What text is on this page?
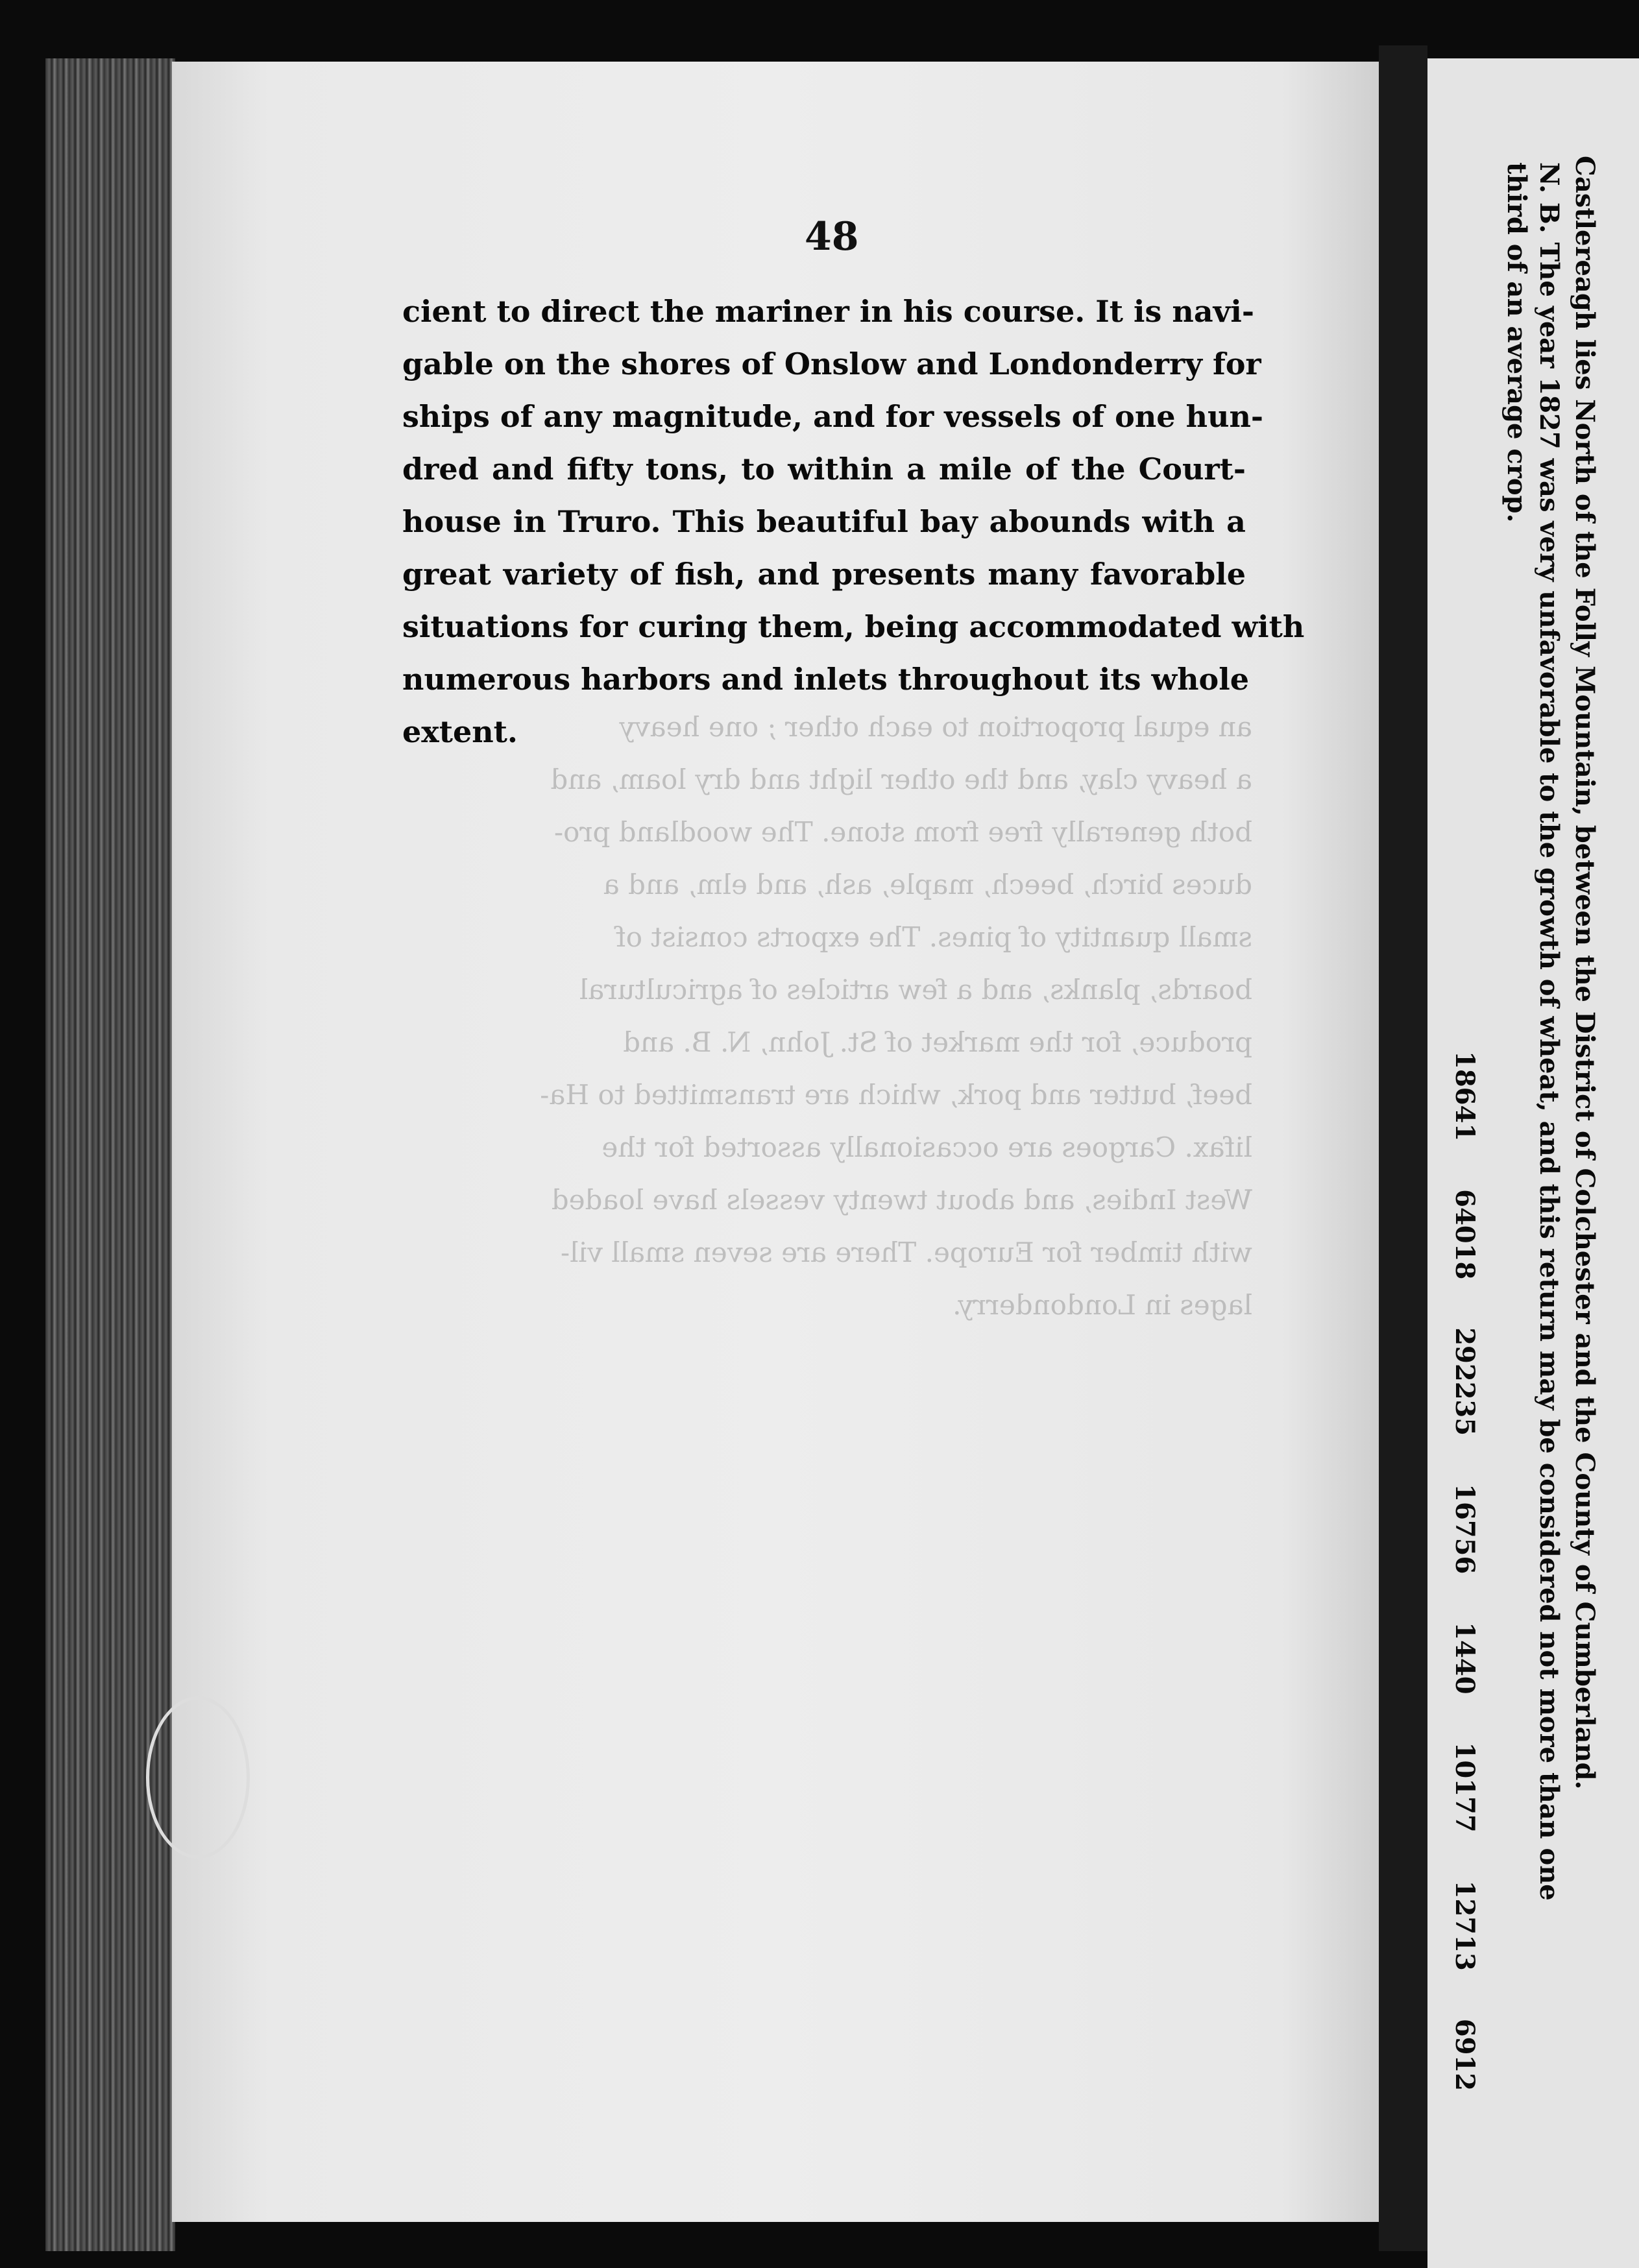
Castlereagh lies North of the Folly Mountain, between the District of Colchester and the County of Cumberland.
N. B. The year 1827 was very unfavorable to the growth of wheat, and this return may be considered not more than one
third of an average crop.
18641 64018 292235 16756 1440 10177 12713 6912
an equal proportion to each other ; one heavy
a heavy clay, and the other light and dry loam, and
both generally free from stone. The woodland pro-
duces birch, beech, maple, ash, and elm, and a
small quantity of pines. The exports consist of
boards, planks, and a few articles of agricultural
produce, for the market of St. John, N. B. and
beef, butter and pork, which are transmitted to Ha-
lifax. Cargoes are occasionally assorted for the
West Indies, and about twenty vessels have loaded
with timber for Europe. There are seven small vil-
lages in Londonderry.
48

cient to direct the mariner in his course. It is navi-
gable on the shores of Onslow and Londonderry for
ships of any magnitude, and for vessels of one hun-
dred and fifty tons, to within a mile of the Court-
house in Truro. This beautiful bay abounds with a
great variety of fish, and presents many favorable
situations for curing them, being accommodated with
numerous harbors and inlets throughout its whole
extent.
